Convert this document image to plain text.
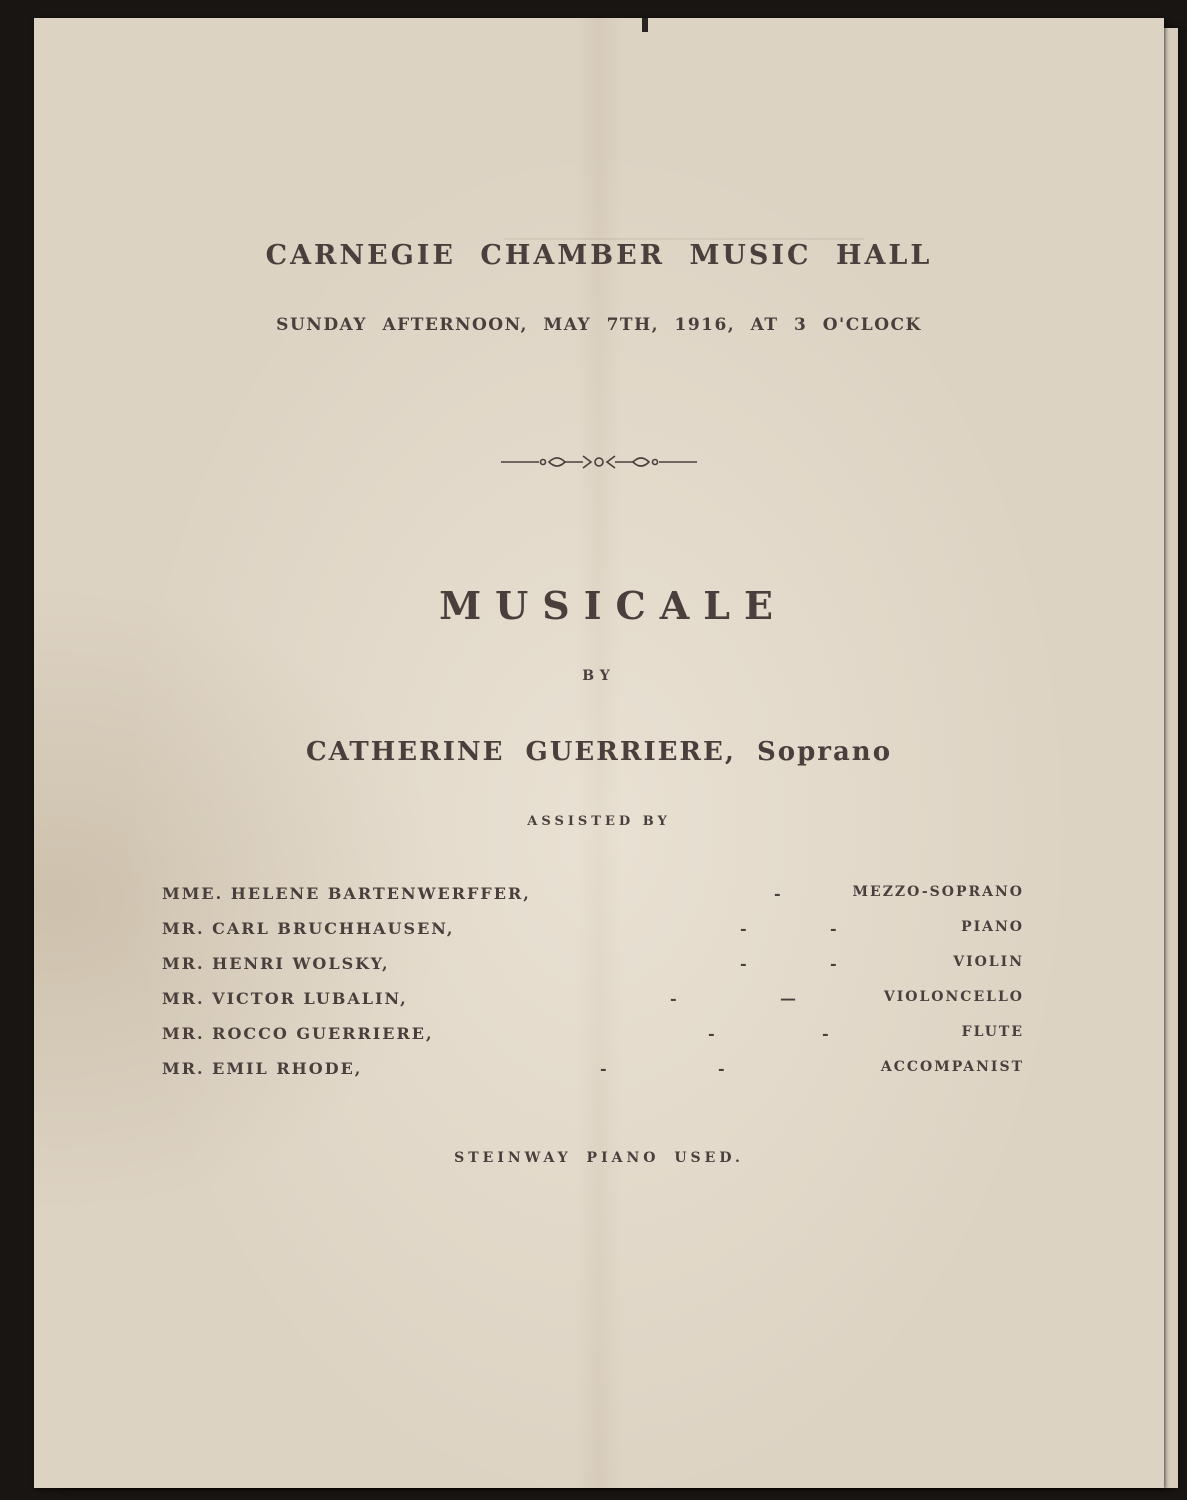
CARNEGIE CHAMBER MUSIC HALL
SUNDAY AFTERNOON, MAY 7TH, 1916, AT 3 O'CLOCK
MUSICALE
BY
CATHERINE GUERRIERE, Soprano
ASSISTED BY
MME. HELENE BARTENWERFFER,	-	MEZZO-SOPRANO
MR. CARL BRUCHHAUSEN,	-	-	PIANO
MR. HENRI WOLSKY,	-	-	VIOLIN
MR. VICTOR LUBALIN,	-	—	VIOLONCELLO
MR. ROCCO GUERRIERE,	-	-	FLUTE
MR. EMIL RHODE,	-	-	ACCOMPANIST
STEINWAY PIANO USED.
